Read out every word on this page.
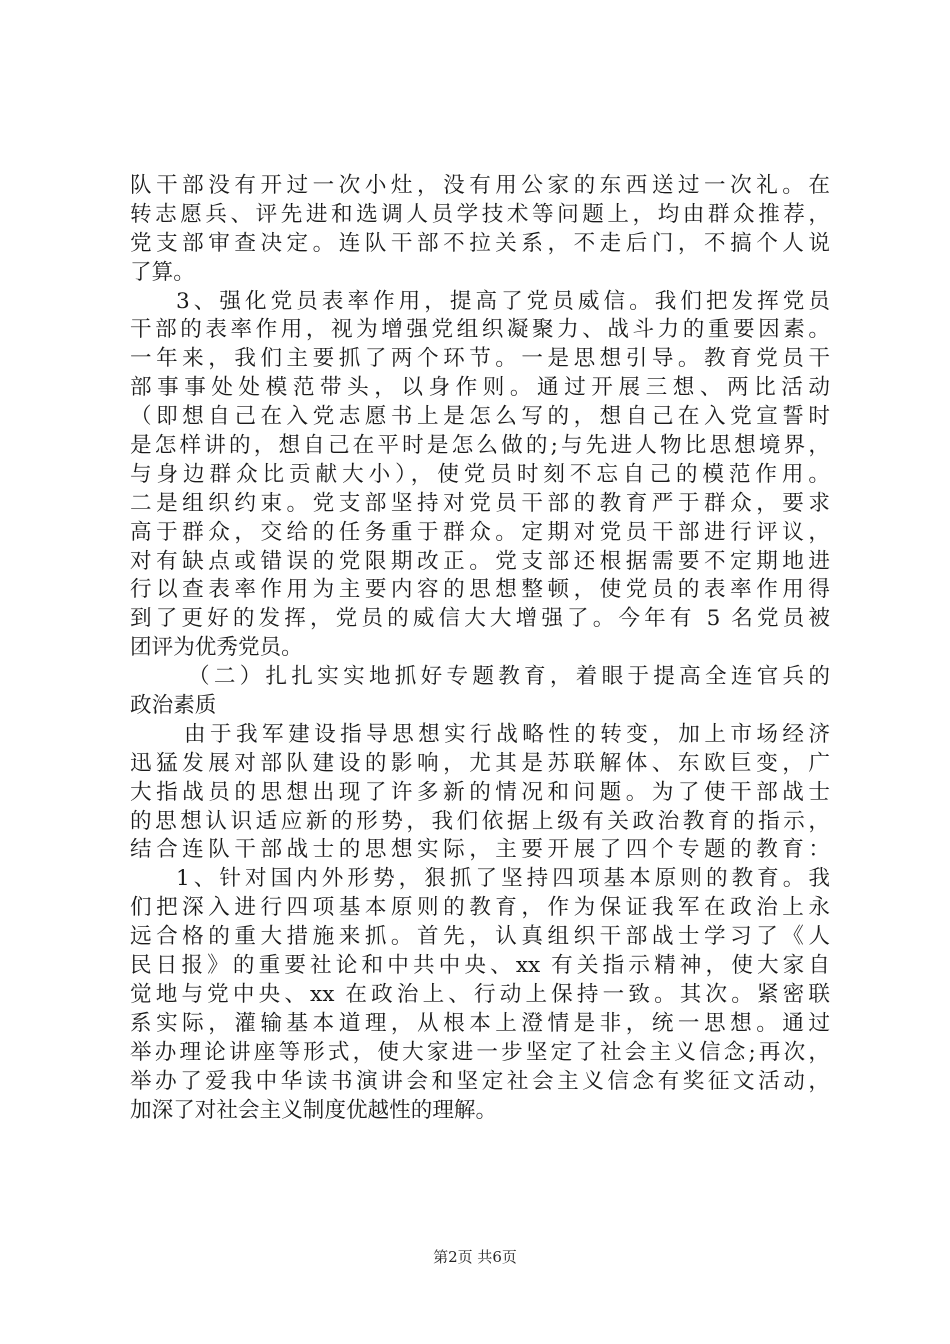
队干部没有开过一次小灶，没有用公家的东西送过一次礼。在
转志愿兵、评先进和选调人员学技术等问题上，均由群众推荐，
党支部审查决定。连队干部不拉关系，不走后门，不搞个人说
了算。
3、强化党员表率作用，提高了党员威信。我们把发挥党员
干部的表率作用，视为增强党组织凝聚力、战斗力的重要因素。
一年来，我们主要抓了两个环节。一是思想引导。教育党员干
部事事处处模范带头，以身作则。通过开展三想、两比活动
（即想自己在入党志愿书上是怎么写的，想自己在入党宣誓时
是怎样讲的，想自己在平时是怎么做的;与先进人物比思想境界，
与身边群众比贡献大小），使党员时刻不忘自己的模范作用。
二是组织约束。党支部坚持对党员干部的教育严于群众，要求
高于群众，交给的任务重于群众。定期对党员干部进行评议，
对有缺点或错误的党限期改正。党支部还根据需要不定期地进
行以查表率作用为主要内容的思想整顿，使党员的表率作用得
到了更好的发挥，党员的威信大大增强了。今年有 5 名党员被
团评为优秀党员。
（二）扎扎实实地抓好专题教育，着眼于提高全连官兵的
政治素质
由于我军建设指导思想实行战略性的转变，加上市场经济
迅猛发展对部队建设的影响，尤其是苏联解体、东欧巨变，广
大指战员的思想出现了许多新的情况和问题。为了使干部战士
的思想认识适应新的形势，我们依据上级有关政治教育的指示，
结合连队干部战士的思想实际，主要开展了四个专题的教育：
1、针对国内外形势，狠抓了坚持四项基本原则的教育。我
们把深入进行四项基本原则的教育，作为保证我军在政治上永
远合格的重大措施来抓。首先，认真组织干部战士学习了《人
民日报》的重要社论和中共中央、xx 有关指示精神，使大家自
觉地与党中央、xx 在政治上、行动上保持一致。其次。紧密联
系实际，灌输基本道理，从根本上澄情是非，统一思想。通过
举办理论讲座等形式，使大家进一步坚定了社会主义信念;再次，
举办了爱我中华读书演讲会和坚定社会主义信念有奖征文活动，
加深了对社会主义制度优越性的理解。
第2页 共6页
